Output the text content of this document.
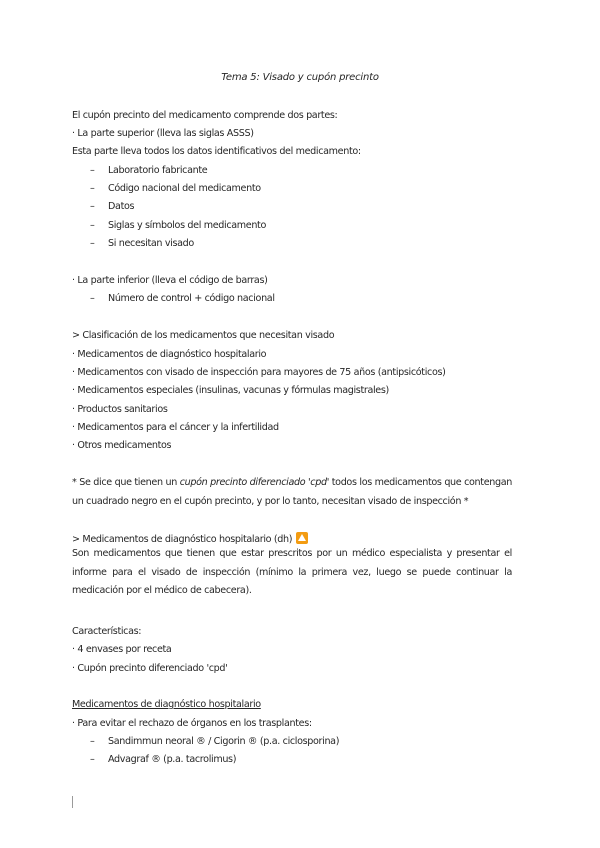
Tema 5: Visado y cupón precinto
El cupón precinto del medicamento comprende dos partes:
· La parte superior (lleva las siglas ASSS)
Esta parte lleva todos los datos identificativos del medicamento:
– Laboratorio fabricante
– Código nacional del medicamento
– Datos
– Siglas y símbolos del medicamento
– Si necesitan visado
· La parte inferior (lleva el código de barras)
– Número de control + código nacional
> Clasificación de los medicamentos que necesitan visado
· Medicamentos de diagnóstico hospitalario
· Medicamentos con visado de inspección para mayores de 75 años (antipsicóticos)
· Medicamentos especiales (insulinas, vacunas y fórmulas magistrales)
· Productos sanitarios
· Medicamentos para el cáncer y la infertilidad
· Otros medicamentos
* Se dice que tienen un cupón precinto diferenciado 'cpd' todos los medicamentos que contengan un cuadrado negro en el cupón precinto, y por lo tanto, necesitan visado de inspección *
> Medicamentos de diagnóstico hospitalario (dh)
Son medicamentos que tienen que estar prescritos por un médico especialista y presentar el informe para el visado de inspección (mínimo la primera vez, luego se puede continuar la medicación por el médico de cabecera).
Características:
· 4 envases por receta
· Cupón precinto diferenciado 'cpd'
Medicamentos de diagnóstico hospitalario
· Para evitar el rechazo de órganos en los trasplantes:
– Sandimmun neoral ® / Cigorin ® (p.a. ciclosporina)
– Advagraf ® (p.a. tacrolimus)
